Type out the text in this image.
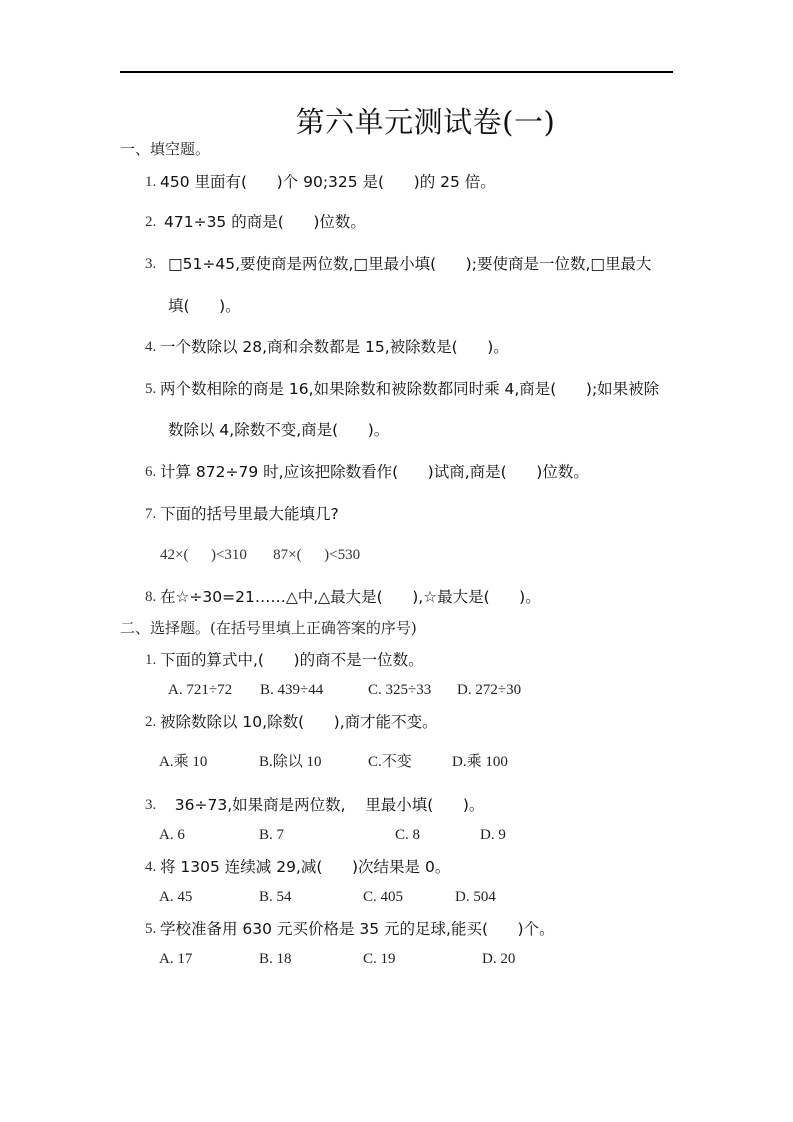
第六单元测试卷(一)
一、填空题。
1. 450 里面有(      )个 90;325 是(      )的 25 倍。
2. 471÷35 的商是(      )位数。
3. □51÷45,要使商是两位数,□里最小填(      );要使商是一位数,□里最大
填(      )。
4. 一个数除以 28,商和余数都是 15,被除数是(      )。
5. 两个数相除的商是 16,如果除数和被除数都同时乘 4,商是(      );如果被除
数除以 4,除数不变,商是(      )。
6. 计算 872÷79 时,应该把除数看作(      )试商,商是(      )位数。
7. 下面的括号里最大能填几?
42×(      )<310       87×(      )<530
8. 在☆÷30=21……△中,△最大是(      ),☆最大是(      )。
二、选择题。(在括号里填上正确答案的序号)
1. 下面的算式中,(      )的商不是一位数。
A. 721÷72 B. 439÷44	C. 325÷33 D. 272÷30
2. 被除数除以 10,除数(      ),商才能不变。
A.乘 10	B.除以 10	C.不变	D.乘 100
3. 36÷73,如果商是两位数,    里最小填(      )。
A. 6	B. 7	C. 8	D. 9
4. 将 1305 连续减 29,减(      )次结果是 0。
A. 45	B. 54	C. 405	D. 504
5. 学校准备用 630 元买价格是 35 元的足球,能买(      )个。
A. 17	B. 18	C. 19	D. 20
